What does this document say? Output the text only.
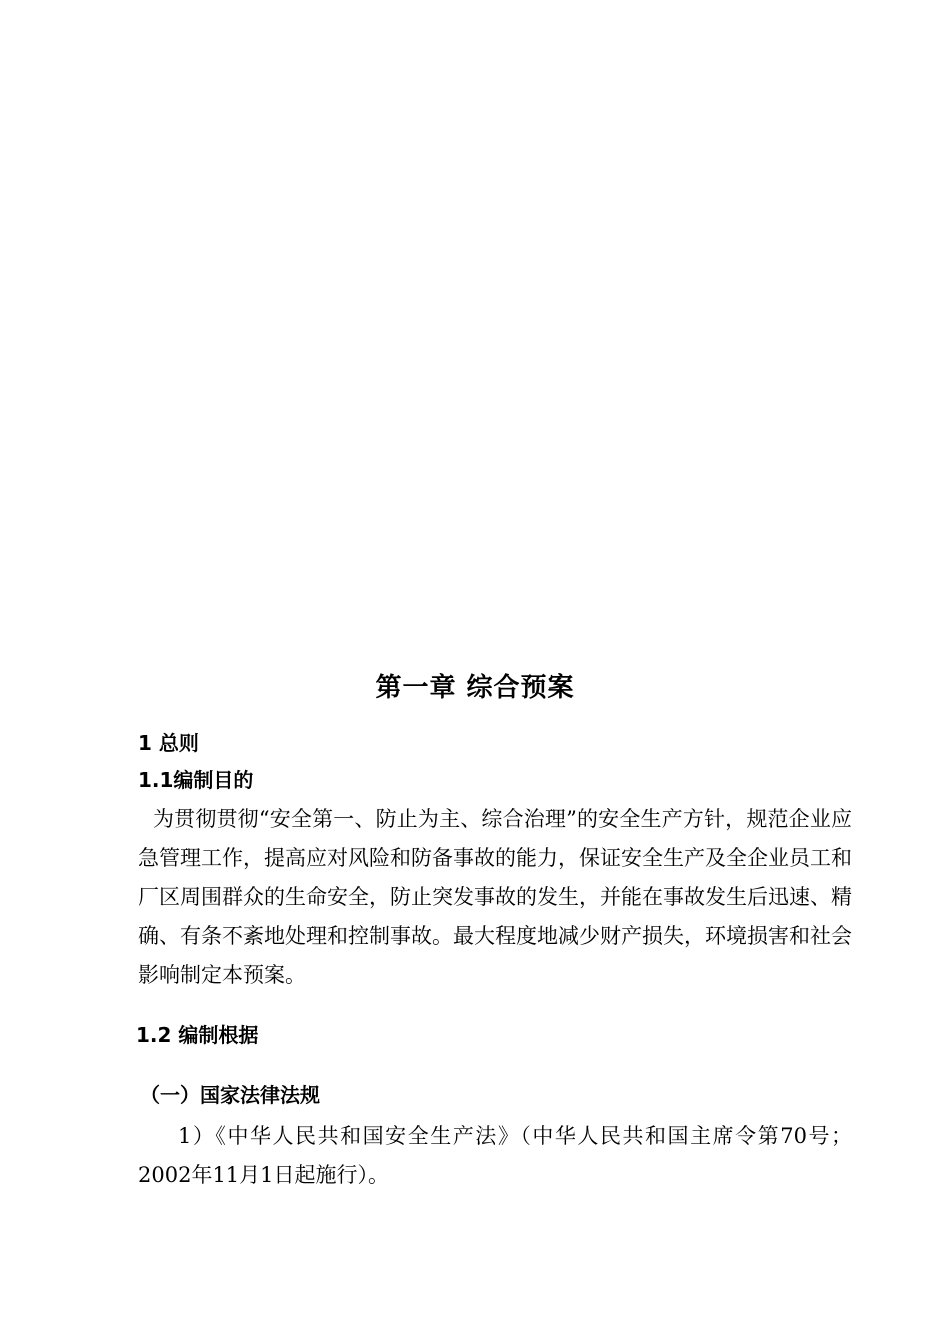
第一章 综合预案
1 总则
1.1编制目的

为贯彻贯彻“安全第一、防止为主、综合治理”的安全生产方针，规范企业应急管理工作，提高应对风险和防备事故的能力，保证安全生产及全企业员工和厂区周围群众的生命安全，防止突发事故的发生，并能在事故发生后迅速、精确、有条不紊地处理和控制事故。最大程度地减少财产损失，环境损害和社会影响制定本预案。

1.2 编制根据
（一）国家法律法规

1）《中华人民共和国安全生产法》（中华人民共和国主席令第70号；2002年11月1日起施行）。
